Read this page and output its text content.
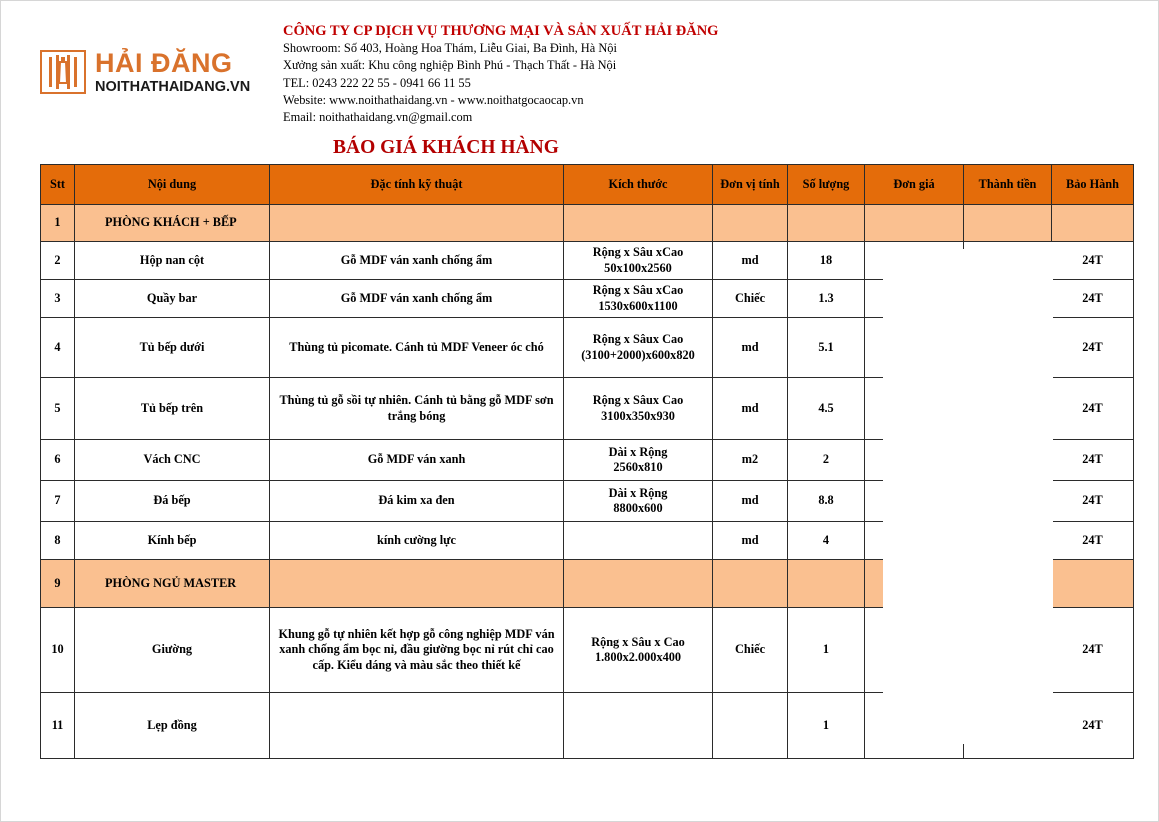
HẢI ĐĂNG
NOITHATHAIDANG.VN
CÔNG TY CP DỊCH VỤ THƯƠNG MẠI VÀ SẢN XUẤT HẢI ĐĂNG
Showroom: Số 403, Hoàng Hoa Thám, Liễu Giai, Ba Đình, Hà Nội
Xưởng sản xuất: Khu công nghiệp Bình Phú - Thạch Thất - Hà Nội
TEL: 0243 222 22 55 - 0941 66 11 55
Website: www.noithathaidang.vn - www.noithatgocaocap.vn
Email: noithathaidang.vn@gmail.com
BÁO GIÁ KHÁCH HÀNG
Stt	Nội dung	Đặc tính kỹ thuật	Kích thước	Đơn vị tính	Số lượng	Đơn giá	Thành tiền	Bảo Hành
1	PHÒNG KHÁCH + BẾP							
2	Hộp nan cột	Gỗ MDF ván xanh chống ẩm	Rộng x Sâu xCao
50x100x2560	md	18			24T
3	Quầy bar	Gỗ MDF ván xanh chống ẩm	Rộng x Sâu xCao
1530x600x1100	Chiếc	1.3			24T
4	Tủ bếp dưới	Thùng tủ picomate. Cánh tủ MDF Veneer óc chó	Rộng x Sâux Cao
(3100+2000)x600x820	md	5.1			24T
5	Tủ bếp trên	Thùng tủ gỗ sồi tự nhiên. Cánh tủ bằng gỗ MDF sơn trắng bóng	Rộng x Sâux Cao
3100x350x930	md	4.5			24T
6	Vách CNC	Gỗ MDF ván xanh	Dài x Rộng
2560x810	m2	2			24T
7	Đá bếp	Đá kim xa đen	Dài x Rộng
8800x600	md	8.8			24T
8	Kính bếp	kính cường lực		md	4			24T
9	PHÒNG NGỦ MASTER							
10	Giường	Khung gỗ tự nhiên kết hợp gỗ công nghiệp MDF ván xanh chống ẩm bọc nỉ, đầu giường bọc nỉ rút chỉ cao cấp. Kiểu dáng và màu sắc theo thiết kế	Rộng x Sâu x Cao
1.800x2.000x400	Chiếc	1			24T
11	Lẹp đồng				1			24T
